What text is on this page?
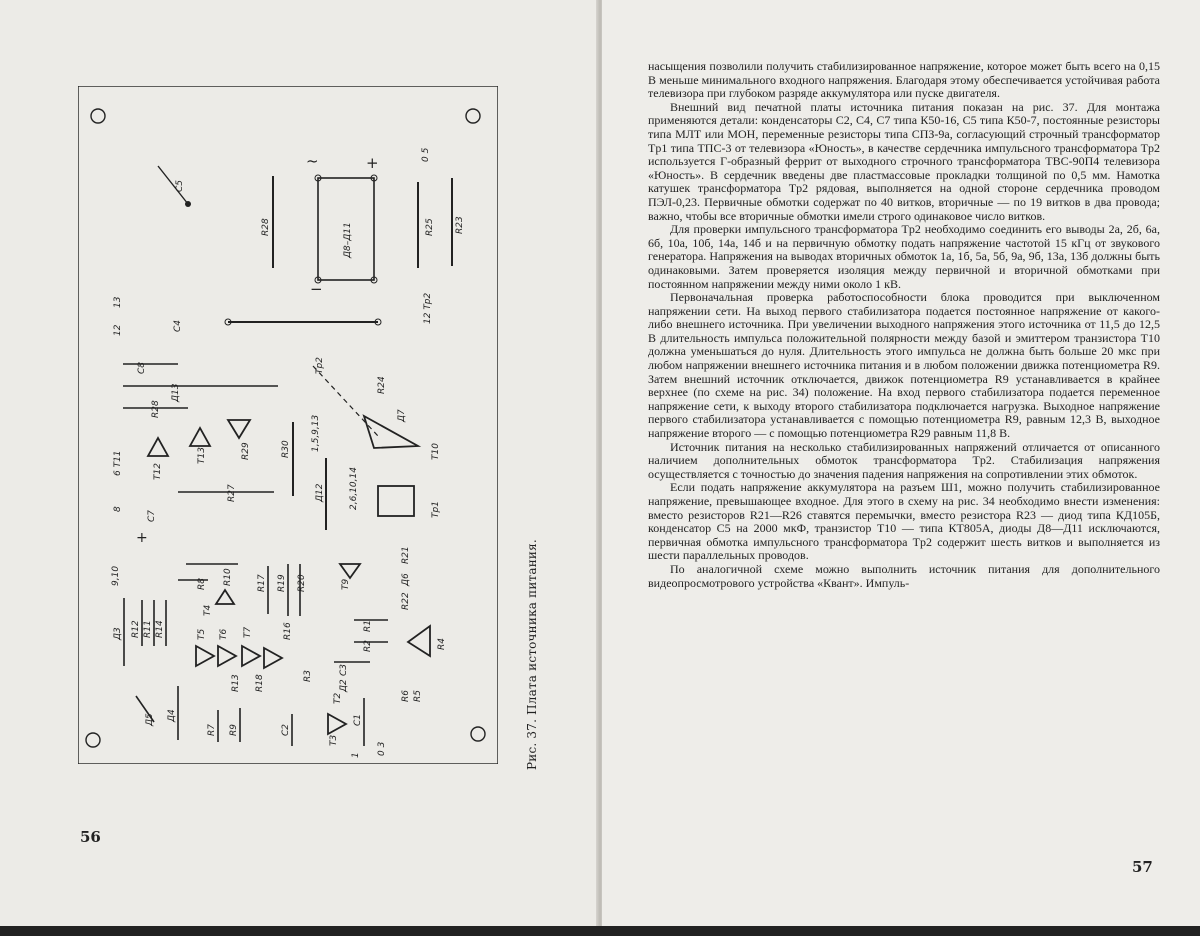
Д8–Д11
+
~
−
R28	R25 R23
0 5
12 Tp2
C5
C4
12
13
C8
Д13
R28
T12
6 T11	T13	R29	R30
R27
8
C7
+
Д12
1,5,9,13
2,6,10,14
Tp2
R24
T10
Д7
Tp1
R10
R8
9,10	R17 R19 R20	T9
R21
Д6
R22
Д3 R12 R11 R14
T4
T5 T6 T7	R16	R1
R2
C3
R4
Д4
Д5
R7 R9
R13 R18
C2
R3
Д2
R6 R5
C1
T3
T2
1 0 3	Рис. 37. Плата источника питания.
56

насыщения позволили получить стабилизированное напряжение, которое может быть всего на 0,15 В меньше минимального входного напряжения. Благодаря этому обеспечивается устойчивая работа телевизора при глубоком разряде аккумулятора или пуске двигателя.

Внешний вид печатной платы источника питания показан на рис. 37. Для монтажа применяются детали: конденсаторы C2, C4, C7 типа К50-16, C5 типа К50-7, постоянные резисторы типа МЛТ или МОН, переменные резисторы типа СПЗ-9а, согласующий строчный трансформатор Tp1 типа ТПС-3 от телевизора «Юность», в качестве сердечника импульсного трансформатора Tp2 используется Г-образный феррит от выходного строчного трансформатора ТВС-90П4 телевизора «Юность». В сердечник введены две пластмассовые прокладки толщиной по 0,5 мм. Намотка катушек трансформатора Tp2 рядовая, выполняется на одной стороне сердечника проводом ПЭЛ-0,23. Первичные обмотки содержат по 40 витков, вторичные — по 19 витков в два провода; важно, чтобы все вторичные обмотки имели строго одинаковое число витков.

Для проверки импульсного трансформатора Tp2 необходимо соединить его выводы 2а, 2б, 6а, 6б, 10а, 10б, 14а, 14б и на первичную обмотку подать напряжение частотой 15 кГц от звукового генератора. Напряжения на выводах вторичных обмоток 1а, 1б, 5а, 5б, 9а, 9б, 13а, 13б должны быть одинаковыми. Затем проверяется изоляция между первичной и вторичной обмотками при постоянном напряжении между ними около 1 кВ.

Первоначальная проверка работоспособности блока проводится при выключенном напряжении сети. На выход первого стабилизатора подается постоянное напряжение от какого-либо внешнего источника. При увеличении выходного напряжения этого источника от 11,5 до 12,5 В длительность импульса положительной полярности между базой и эмиттером транзистора T10 должна уменьшаться до нуля. Длительность этого импульса не должна быть больше 20 мкс при любом напряжении внешнего источника питания и в любом положении движка потенциометра R9. Затем внешний источник отключается, движок потенциометра R9 устанавливается в крайнее верхнее (по схеме на рис. 34) положение. На вход первого стабилизатора подается переменное напряжение сети, к выходу второго стабилизатора подключается нагрузка. Выходное напряжение первого стабилизатора устанавливается с помощью потенциометра R9, равным 12,3 В, выходное напряжение второго — с помощью потенциометра R29 равным 11,8 В.

Источник питания на несколько стабилизированных напряжений отличается от описанного наличием дополнительных обмоток трансформатора Tp2. Стабилизация напряжения осуществляется с точностью до значения падения напряжения на сопротивлении этих обмоток.

Если подать напряжение аккумулятора на разъем Ш1, можно получить стабилизированное напряжение, превышающее входное. Для этого в схему на рис. 34 необходимо внести изменения: вместо резисторов R21—R26 ставятся перемычки, вместо резистора R23 — диод типа КД105Б, конденсатор C5 на 2000 мкФ, транзистор T10 — типа КТ805А, диоды Д8—Д11 исключаются, первичная обмотка импульсного трансформатора Tp2 содержит шесть витков и выполняется из шести параллельных проводов.

По аналогичной схеме можно выполнить источник питания для дополнительного видеопросмотрового устройства «Квант». Импуль-

57
